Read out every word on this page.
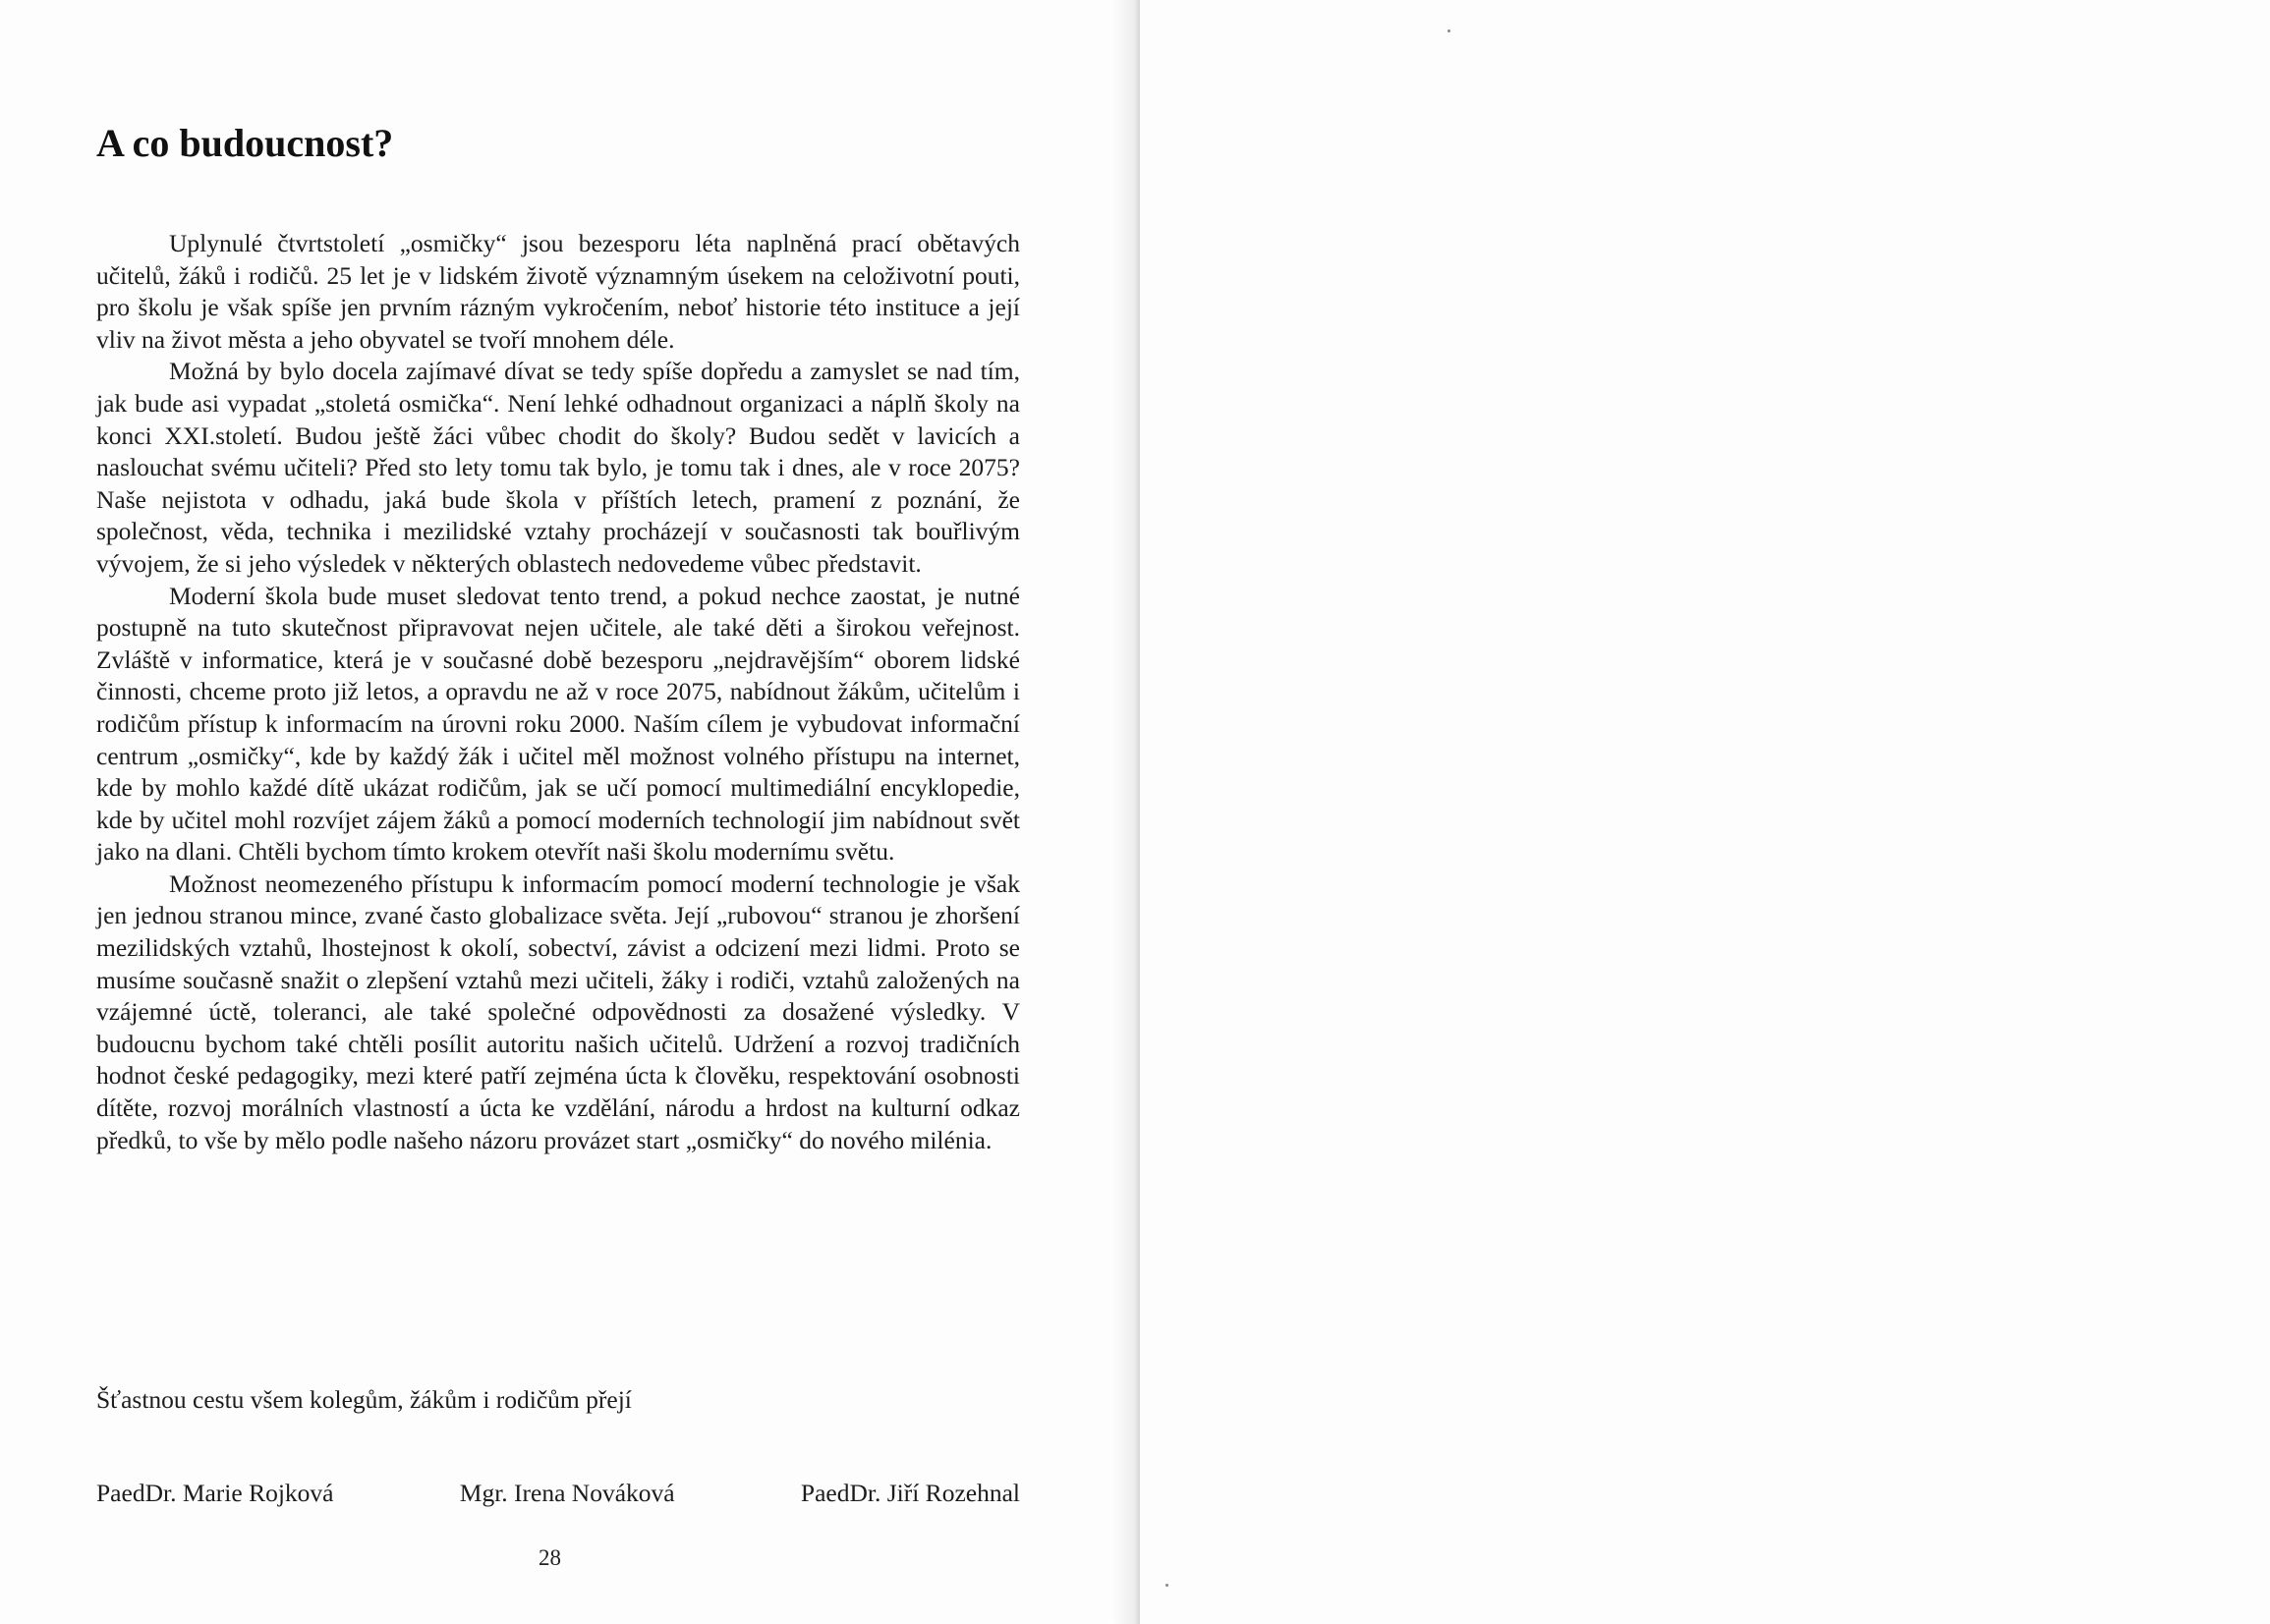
A co budoucnost?

Uplynulé čtvrtstoletí „osmičky“ jsou bezesporu léta naplněná prací obětavých učitelů, žáků i rodičů. 25 let je v lidském životě významným úsekem na celoživotní pouti, pro školu je však spíše jen prvním rázným vykročením, neboť historie této instituce a její vliv na život města a jeho obyvatel se tvoří mnohem déle.

Možná by bylo docela zajímavé dívat se tedy spíše dopředu a zamyslet se nad tím, jak bude asi vypadat „stoletá osmička“. Není lehké odhadnout organizaci a náplň školy na konci XXI.století. Budou ještě žáci vůbec chodit do školy? Budou sedět v lavicích a naslouchat svému učiteli? Před sto lety tomu tak bylo, je tomu tak i dnes, ale v roce 2075? Naše nejistota v odhadu, jaká bude škola v příštích letech, pramení z poznání, že společnost, věda, technika i mezilidské vztahy procházejí v současnosti tak bouřlivým vývojem, že si jeho výsledek v některých oblastech nedovedeme vůbec představit.

Moderní škola bude muset sledovat tento trend, a pokud nechce zaostat, je nutné postupně na tuto skutečnost připravovat nejen učitele, ale také děti a širokou veřejnost. Zvláště v informatice, která je v současné době bezesporu „nejdravějším“ oborem lidské činnosti, chceme proto již letos, a opravdu ne až v roce 2075, nabídnout žákům, učitelům i rodičům přístup k informacím na úrovni roku 2000. Naším cílem je vybudovat informační centrum „osmičky“, kde by každý žák i učitel měl možnost volného přístupu na internet, kde by mohlo každé dítě ukázat rodičům, jak se učí pomocí multimediální encyklopedie, kde by učitel mohl rozvíjet zájem žáků a pomocí moderních technologií jim nabídnout svět jako na dlani. Chtěli bychom tímto krokem otevřít naši školu modernímu světu.

Možnost neomezeného přístupu k informacím pomocí moderní technologie je však jen jednou stranou mince, zvané často globalizace světa. Její „rubovou“ stranou je zhoršení mezilidských vztahů, lhostejnost k okolí, sobectví, závist a odcizení mezi lidmi. Proto se musíme současně snažit o zlepšení vztahů mezi učiteli, žáky i rodiči, vztahů založených na vzájemné úctě, toleranci, ale také společné odpovědnosti za dosažené výsledky. V budoucnu bychom také chtěli posílit autoritu našich učitelů. Udržení a rozvoj tradičních hodnot české pedagogiky, mezi které patří zejména úcta k člověku, respektování osobnosti dítěte, rozvoj morálních vlastností a úcta ke vzdělání, národu a hrdost na kulturní odkaz předků, to vše by mělo podle našeho názoru provázet start „osmičky“ do nového milénia.

Šťastnou cestu všem kolegům, žákům i rodičům přejí
PaedDr. Marie Rojková	Mgr. Irena Nováková	PaedDr. Jiří Rozehnal
28
